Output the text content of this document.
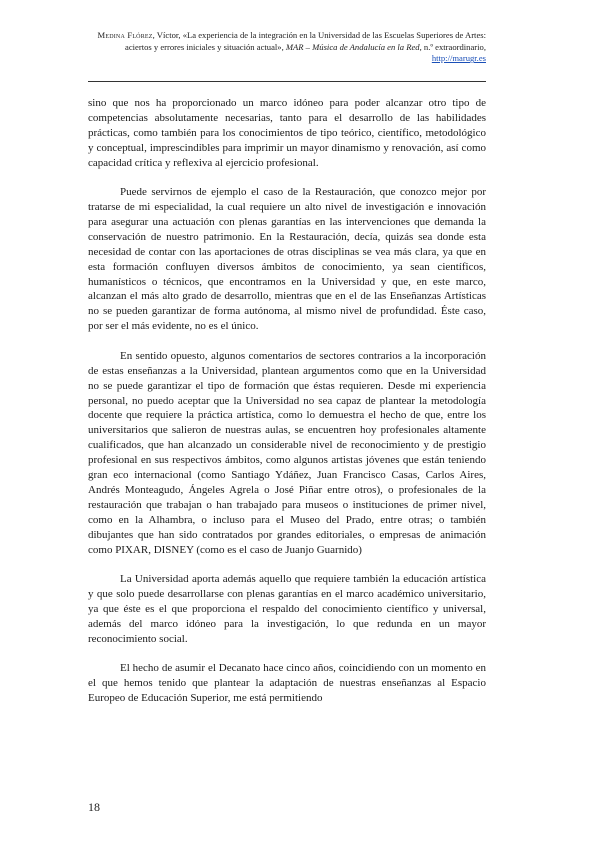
Medina Flórez, Víctor, «La experiencia de la integración en la Universidad de las Escuelas Superiores de Artes: aciertos y errores iniciales y situación actual», MAR – Música de Andalucía en la Red, n.º extraordinario, http://marugr.es

sino que nos ha proporcionado un marco idóneo para poder alcanzar otro tipo de competencias absolutamente necesarias, tanto para el desarrollo de las habilidades prácticas, como también para los conocimientos de tipo teórico, científico, metodológico y conceptual, imprescindibles para imprimir un mayor dinamismo y renovación, así como capacidad crítica y reflexiva al ejercicio profesional.

Puede servirnos de ejemplo el caso de la Restauración, que conozco mejor por tratarse de mi especialidad, la cual requiere un alto nivel de investigación e innovación para asegurar una actuación con plenas garantías en las intervenciones que demanda la conservación de nuestro patrimonio. En la Restauración, decía, quizás sea donde esta necesidad de contar con las aportaciones de otras disciplinas se vea más clara, ya que en esta formación confluyen diversos ámbitos de conocimiento, ya sean científicos, humanísticos o técnicos, que encontramos en la Universidad y que, en este marco, alcanzan el más alto grado de desarrollo, mientras que en el de las Enseñanzas Artísticas no se pueden garantizar de forma autónoma, al mismo nivel de profundidad. Éste caso, por ser el más evidente, no es el único.

En sentido opuesto, algunos comentarios de sectores contrarios a la incorporación de estas enseñanzas a la Universidad, plantean argumentos como que en la Universidad no se puede garantizar el tipo de formación que éstas requieren. Desde mi experiencia personal, no puedo aceptar que la Universidad no sea capaz de plantear la metodología docente que requiere la práctica artística, como lo demuestra el hecho de que, entre los universitarios que salieron de nuestras aulas, se encuentren hoy profesionales altamente cualificados, que han alcanzado un considerable nivel de reconocimiento y de prestigio profesional en sus respectivos ámbitos, como algunos artistas jóvenes que están teniendo gran eco internacional (como Santiago Ydáñez, Juan Francisco Casas, Carlos Aires, Andrés Monteagudo, Ángeles Agrela o José Piñar entre otros), o profesionales de la restauración que trabajan o han trabajado para museos o instituciones de primer nivel, como en la Alhambra, o incluso para el Museo del Prado, entre otras; o también dibujantes que han sido contratados por grandes editoriales, o empresas de animación como PIXAR, DISNEY (como es el caso de Juanjo Guarnido)

La Universidad aporta además aquello que requiere también la educación artística y que solo puede desarrollarse con plenas garantías en el marco académico universitario, ya que éste es el que proporciona el respaldo del conocimiento científico y universal, además del marco idóneo para la investigación, lo que redunda en un mayor reconocimiento social.

El hecho de asumir el Decanato hace cinco años, coincidiendo con un momento en el que hemos tenido que plantear la adaptación de nuestras enseñanzas al Espacio Europeo de Educación Superior, me está permitiendo

18
